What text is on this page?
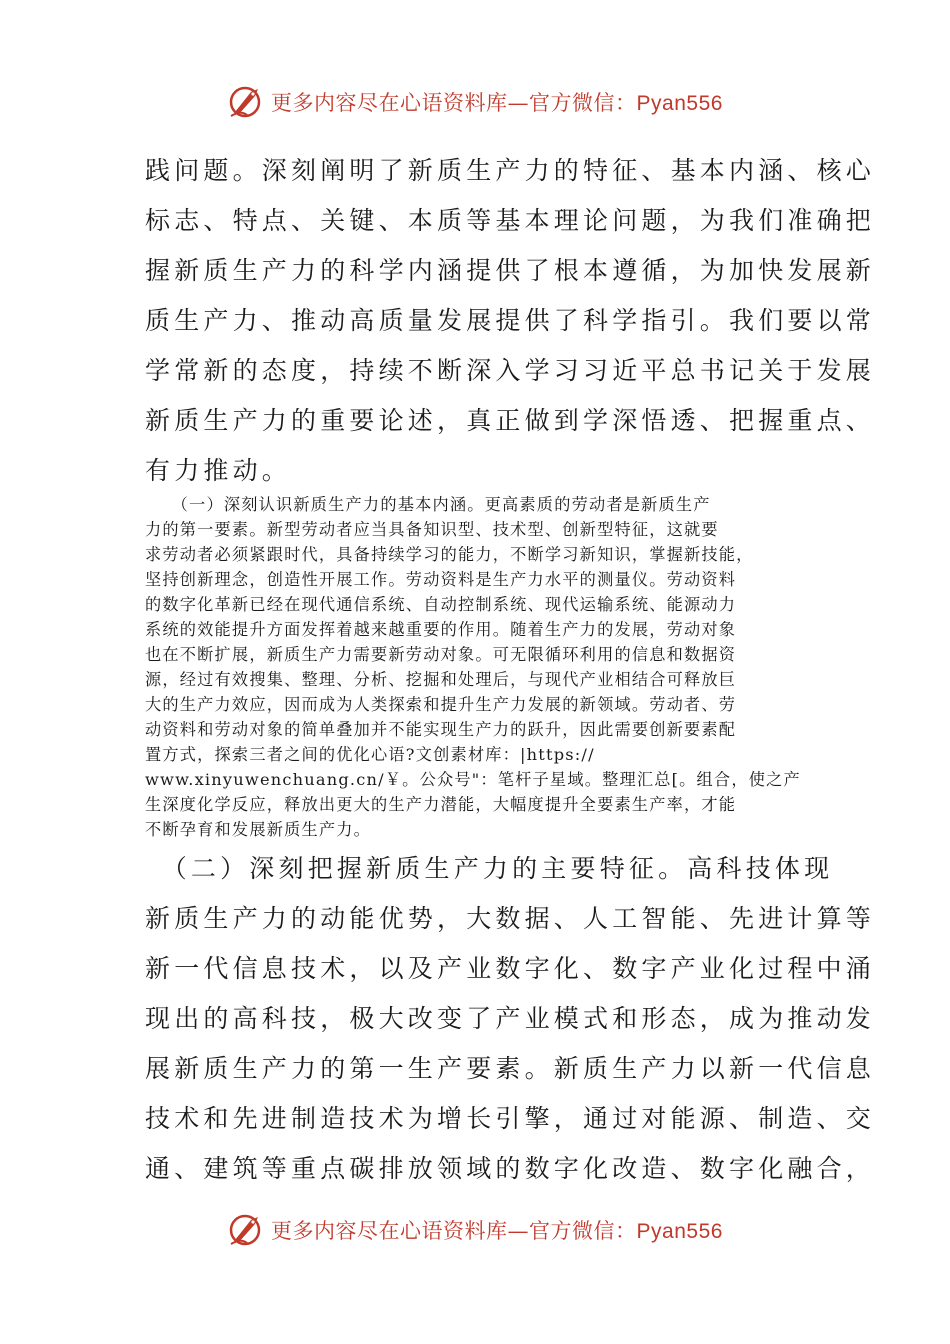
更多内容尽在心语资料库—官方微信：Pyan556

践问题。深刻阐明了新质生产力的特征、基本内涵、核心

标志、特点、关键、本质等基本理论问题，为我们准确把

握新质生产力的科学内涵提供了根本遵循，为加快发展新

质生产力、推动高质量发展提供了科学指引。我们要以常

学常新的态度，持续不断深入学习习近平总书记关于发展

新质生产力的重要论述，真正做到学深悟透、把握重点、

有力推动。

　　（一）深刻认识新质生产力的基本内涵。更高素质的劳动者是新质生产

力的第一要素。新型劳动者应当具备知识型、技术型、创新型特征，这就要

求劳动者必须紧跟时代，具备持续学习的能力，不断学习新知识，掌握新技能，

坚持创新理念，创造性开展工作。劳动资料是生产力水平的测量仪。劳动资料

的数字化革新已经在现代通信系统、自动控制系统、现代运输系统、能源动力

系统的效能提升方面发挥着越来越重要的作用。随着生产力的发展，劳动对象

也在不断扩展，新质生产力需要新劳动对象。可无限循环利用的信息和数据资

源，经过有效搜集、整理、分析、挖掘和处理后，与现代产业相结合可释放巨

大的生产力效应，因而成为人类探索和提升生产力发展的新领域。劳动者、劳

动资料和劳动对象的简单叠加并不能实现生产力的跃升，因此需要创新要素配

置方式，探索三者之间的优化心语?文创素材库：|https://

www.xinyuwenchuang.cn/￥。公众号"：笔杆子星域。整理汇总[。组合，使之产

生深度化学反应，释放出更大的生产力潜能，大幅度提升全要素生产率，才能

不断孕育和发展新质生产力。

　（二）深刻把握新质生产力的主要特征。高科技体现

新质生产力的动能优势，大数据、人工智能、先进计算等

新一代信息技术，以及产业数字化、数字产业化过程中涌

现出的高科技，极大改变了产业模式和形态，成为推动发

展新质生产力的第一生产要素。新质生产力以新一代信息

技术和先进制造技术为增长引擎，通过对能源、制造、交

通、建筑等重点碳排放领域的数字化改造、数字化融合，

更多内容尽在心语资料库—官方微信：Pyan556
